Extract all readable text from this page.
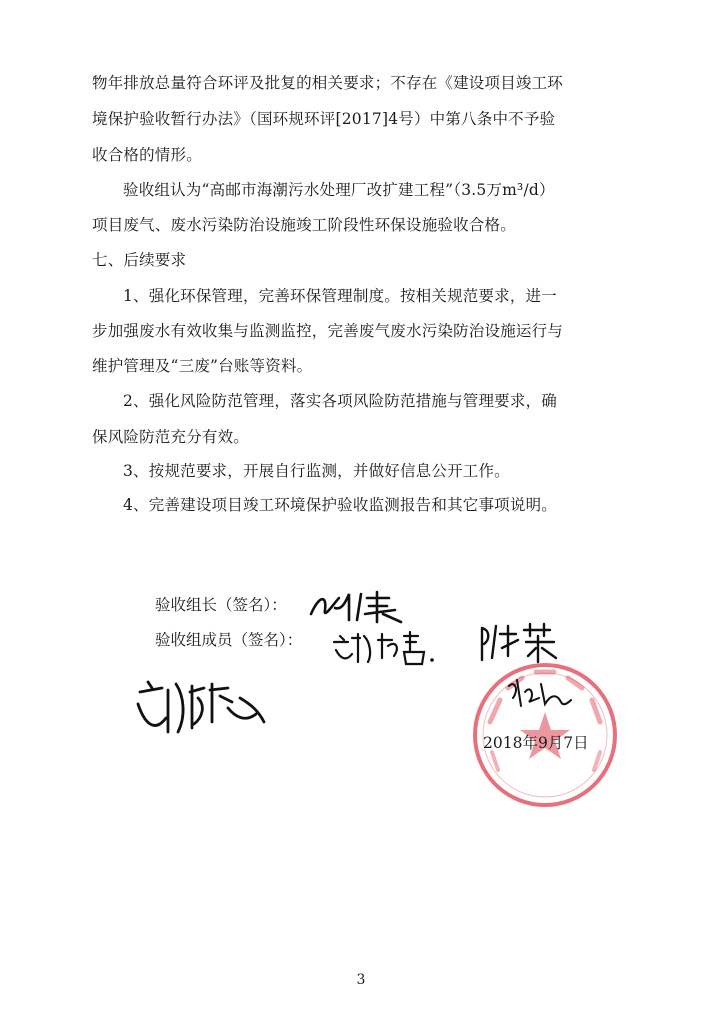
物年排放总量符合环评及批复的相关要求；不存在《建设项目竣工环
境保护验收暂行办法》（国环规环评[2017]4号）中第八条中不予验
收合格的情形。
验收组认为“高邮市海潮污水处理厂改扩建工程”（3.5万m³/d）
项目废气、废水污染防治设施竣工阶段性环保设施验收合格。
七、后续要求
1、强化环保管理，完善环保管理制度。按相关规范要求，进一
步加强废水有效收集与监测监控，完善废气废水污染防治设施运行与
维护管理及“三废”台账等资料。
2、强化风险防范管理，落实各项风险防范措施与管理要求，确
保风险防范充分有效。
3、按规范要求，开展自行监测，并做好信息公开工作。
4、完善建设项目竣工环境保护验收监测报告和其它事项说明。
验收组长（签名）：
验收组成员（签名）：
2018年9月7日
3
